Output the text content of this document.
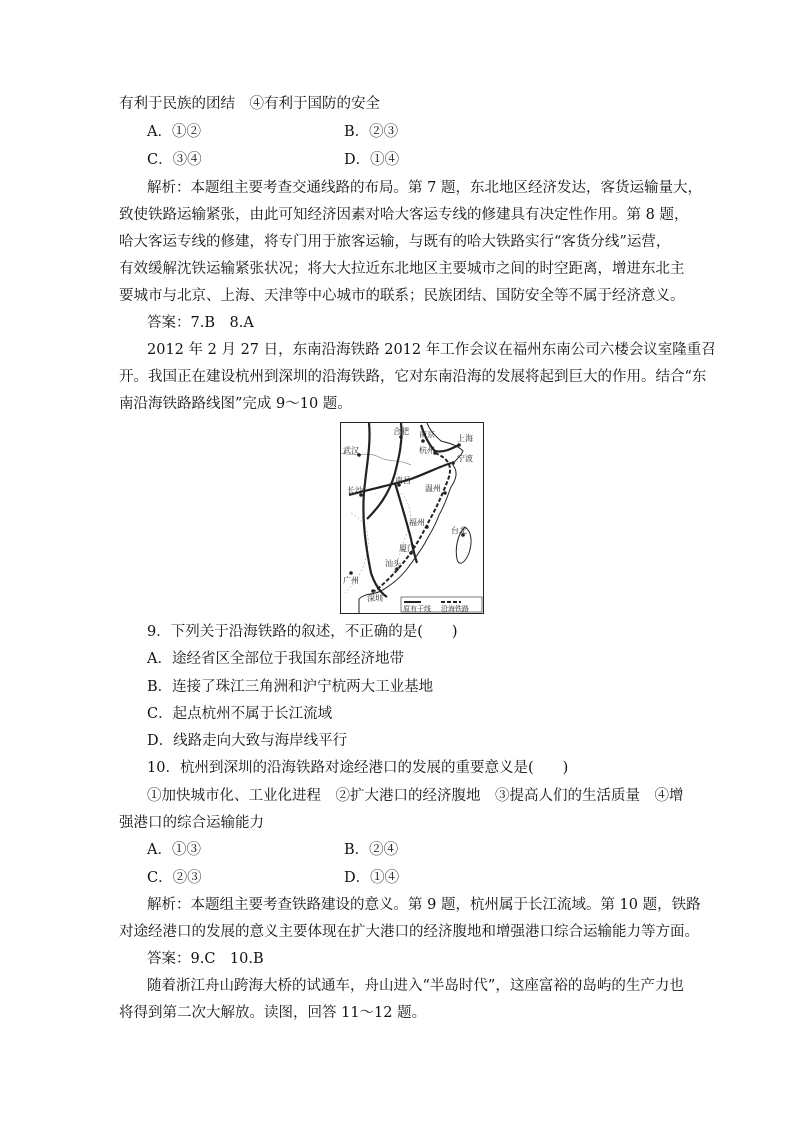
有利于民族的团结　④有利于国防的安全
A．①②	B．②③
C．③④	D．①④
解析：本题组主要考查交通线路的布局。第 7 题，东北地区经济发达，客货运输量大，
致使铁路运输紧张，由此可知经济因素对哈大客运专线的修建具有决定性作用。第 8 题，
哈大客运专线的修建，将专门用于旅客运输，与既有的哈大铁路实行“客货分线”运营，
有效缓解沈铁运输紧张状况；将大大拉近东北地区主要城市之间的时空距离，增进东北主
要城市与北京、上海、天津等中心城市的联系；民族团结、国防安全等不属于经济意义。
答案：7.B　8.A
2012 年 2 月 27 日，东南沿海铁路 2012 年工作会议在福州东南公司六楼会议室隆重召
开。我国正在建设杭州到深圳的沿海铁路，它对东南沿海的发展将起到巨大的作用。结合“东
南沿海铁路路线图”完成 9～10 题。
合肥 南京	上海
武汉	杭州
宁波
南昌
长沙	温州
福州
台北
厦门
汕头
广州
深圳
原有干线 沿海铁路
9．下列关于沿海铁路的叙述，不正确的是(　　)
A．途经省区全部位于我国东部经济地带
B．连接了珠江三角洲和沪宁杭两大工业基地
C．起点杭州不属于长江流域
D．线路走向大致与海岸线平行
10．杭州到深圳的沿海铁路对途经港口的发展的重要意义是(　　)
①加快城市化、工业化进程　②扩大港口的经济腹地　③提高人们的生活质量　④增
强港口的综合运输能力
A．①③	B．②④
C．②③	D．①④
解析：本题组主要考查铁路建设的意义。第 9 题，杭州属于长江流域。第 10 题，铁路
对途经港口的发展的意义主要体现在扩大港口的经济腹地和增强港口综合运输能力等方面。
答案：9.C　10.B
随着浙江舟山跨海大桥的试通车，舟山进入“半岛时代”，这座富裕的岛屿的生产力也
将得到第二次大解放。读图，回答 11～12 题。
